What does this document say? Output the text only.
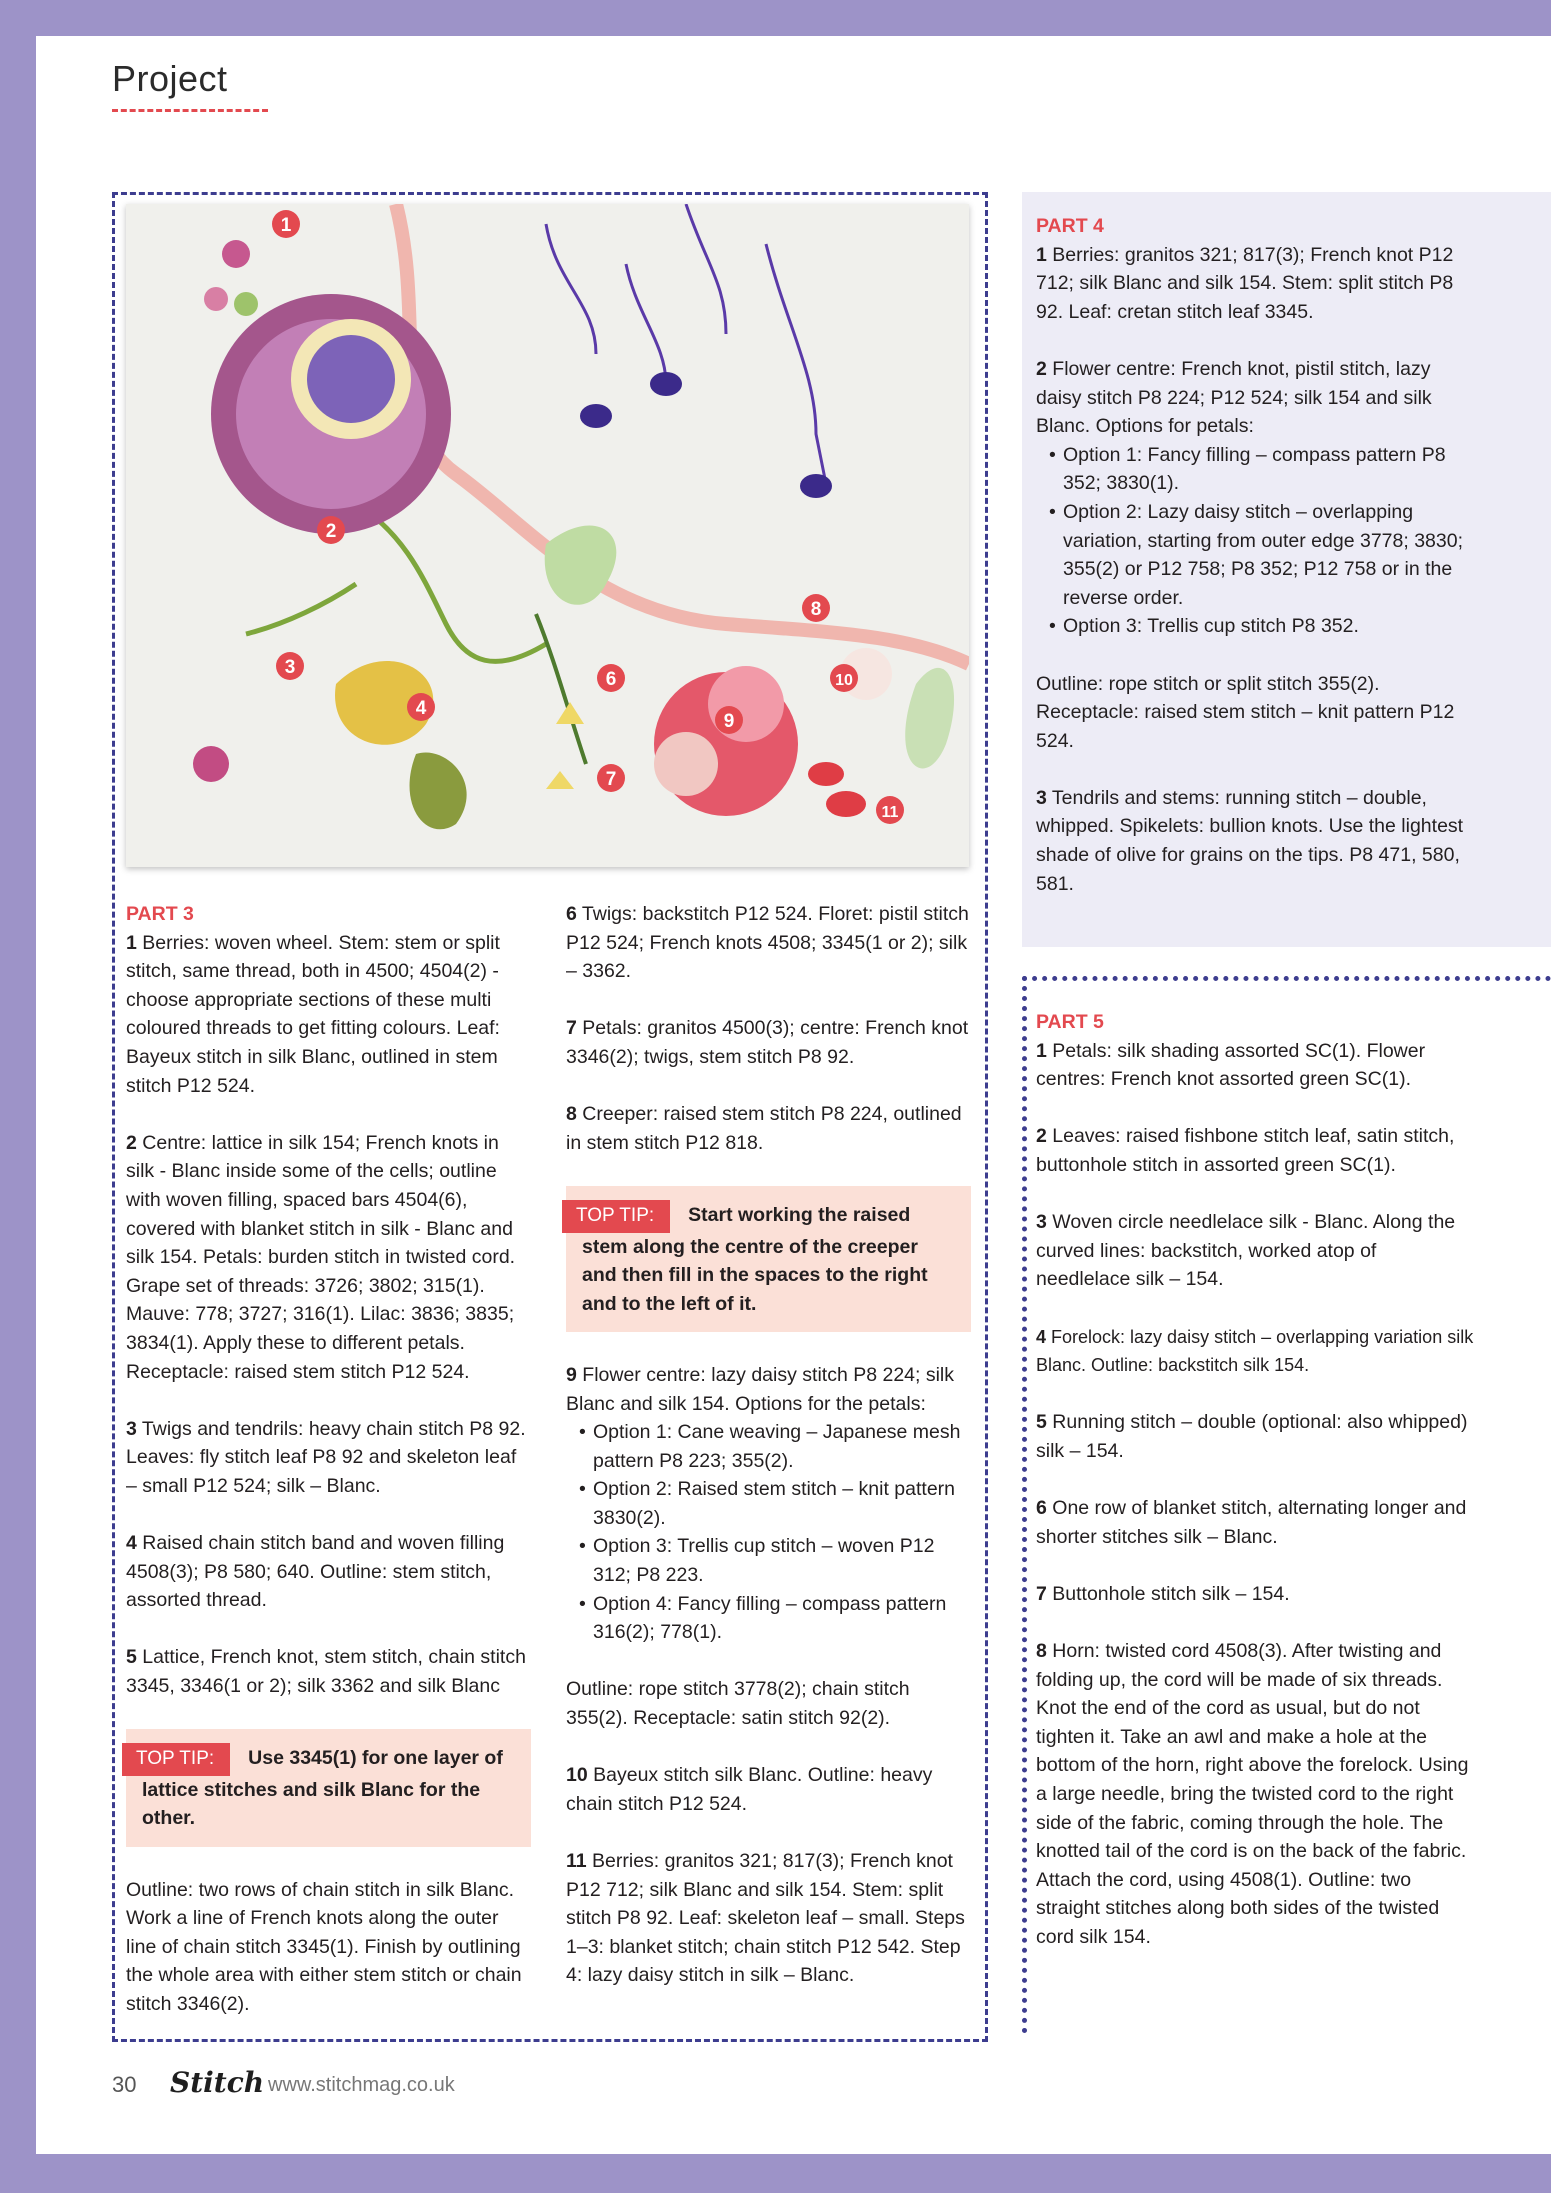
Project
1
2
3
4
6
7
8
9
10
11
PART 3

1 Berries: woven wheel. Stem: stem or split stitch, same thread, both in 4500; 4504(2) - choose appropriate sections of these multi coloured threads to get fitting colours. Leaf: Bayeux stitch in silk Blanc, outlined in stem stitch P12 524.

2 Centre: lattice in silk 154; French knots in silk - Blanc inside some of the cells; outline with woven filling, spaced bars 4504(6), covered with blanket stitch in silk - Blanc and silk 154. Petals: burden stitch in twisted cord. Grape set of threads: 3726; 3802; 315(1). Mauve: 778; 3727; 316(1). Lilac: 3836; 3835; 3834(1). Apply these to different petals. Receptacle: raised stem stitch P12 524.

3 Twigs and tendrils: heavy chain stitch P8 92. Leaves: fly stitch leaf P8 92 and skeleton leaf – small P12 524; silk – Blanc.

4 Raised chain stitch band and woven filling 4508(3); P8 580; 640. Outline: stem stitch, assorted thread.

5 Lattice, French knot, stem stitch, chain stitch 3345, 3346(1 or 2); silk 3362 and silk Blanc

TOP TIP: Use 3345(1) for one layer of lattice stitches and silk Blanc for the other.

Outline: two rows of chain stitch in silk Blanc. Work a line of French knots along the outer line of chain stitch 3345(1). Finish by outlining the whole area with either stem stitch or chain stitch 3346(2).

6 Twigs: backstitch P12 524. Floret: pistil stitch P12 524; French knots 4508; 3345(1 or 2); silk – 3362.

7 Petals: granitos 4500(3); centre: French knot 3346(2); twigs, stem stitch P8 92.

8 Creeper: raised stem stitch P8 224, outlined in stem stitch P12 818.

TOP TIP: Start working the raised stem along the centre of the creeper and then fill in the spaces to the right and to the left of it.

9 Flower centre: lazy daisy stitch P8 224; silk Blanc and silk 154. Options for the petals:

• Option 1: Cane weaving – Japanese mesh pattern P8 223; 355(2).
• Option 2: Raised stem stitch – knit pattern 3830(2).
• Option 3: Trellis cup stitch – woven P12 312; P8 223.
• Option 4: Fancy filling – compass pattern 316(2); 778(1).

Outline: rope stitch 3778(2); chain stitch 355(2). Receptacle: satin stitch 92(2).

10 Bayeux stitch silk Blanc. Outline: heavy chain stitch P12 524.

11 Berries: granitos 321; 817(3); French knot P12 712; silk Blanc and silk 154. Stem: split stitch P8 92. Leaf: skeleton leaf – small. Steps 1–3: blanket stitch; chain stitch P12 542. Step 4: lazy daisy stitch in silk – Blanc.

PART 4

1 Berries: granitos 321; 817(3); French knot P12 712; silk Blanc and silk 154. Stem: split stitch P8 92. Leaf: cretan stitch leaf 3345.

2 Flower centre: French knot, pistil stitch, lazy daisy stitch P8 224; P12 524; silk 154 and silk Blanc. Options for petals:

• Option 1: Fancy filling – compass pattern P8 352; 3830(1).
• Option 2: Lazy daisy stitch – overlapping variation, starting from outer edge 3778; 3830; 355(2) or P12 758; P8 352; P12 758 or in the reverse order.
• Option 3: Trellis cup stitch P8 352.

Outline: rope stitch or split stitch 355(2). Receptacle: raised stem stitch – knit pattern P12 524.

3 Tendrils and stems: running stitch – double, whipped. Spikelets: bullion knots. Use the lightest shade of olive for grains on the tips. P8 471, 580, 581.

PART 5

1 Petals: silk shading assorted SC(1). Flower centres: French knot assorted green SC(1).

2 Leaves: raised fishbone stitch leaf, satin stitch, buttonhole stitch in assorted green SC(1).

3 Woven circle needlelace silk - Blanc. Along the curved lines: backstitch, worked atop of needlelace silk – 154.

4 Forelock: lazy daisy stitch – overlapping variation silk Blanc. Outline: backstitch silk 154.

5 Running stitch – double (optional: also whipped) silk – 154.

6 One row of blanket stitch, alternating longer and shorter stitches silk – Blanc.

7 Buttonhole stitch silk – 154.

8 Horn: twisted cord 4508(3). After twisting and folding up, the cord will be made of six threads. Knot the end of the cord as usual, but do not tighten it. Take an awl and make a hole at the bottom of the horn, right above the forelock. Using a large needle, bring the twisted cord to the right side of the fabric, coming through the hole. The knotted tail of the cord is on the back of the fabric. Attach the cord, using 4508(1). Outline: two straight stitches along both sides of the twisted cord silk 154.

30 Stitch www.stitchmag.co.uk
